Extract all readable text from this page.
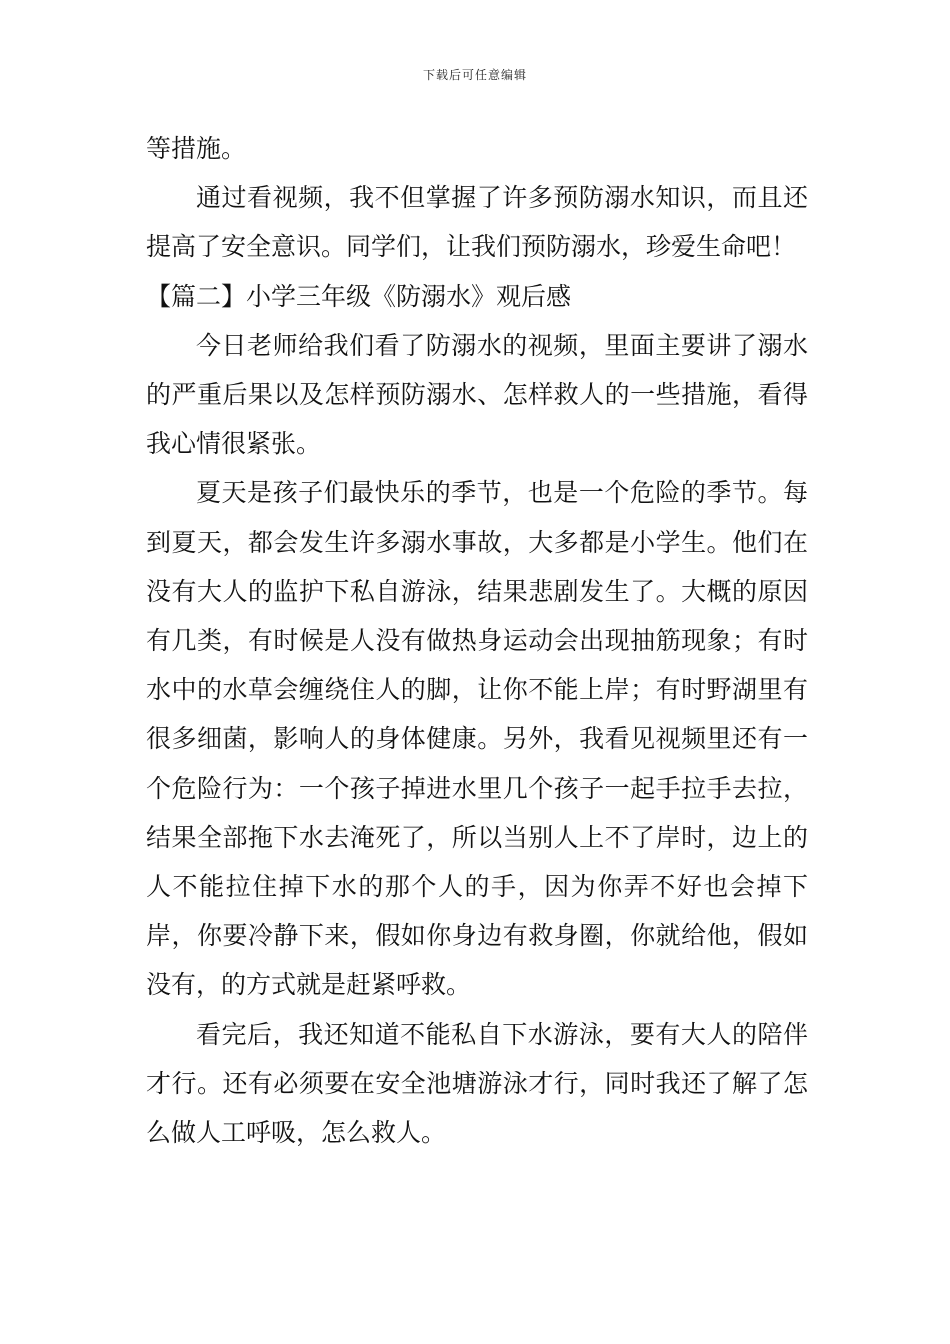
下载后可任意编辑

等措施。

通过看视频，我不但掌握了许多预防溺水知识，而且还提高了安全意识。同学们，让我们预防溺水，珍爱生命吧！

【篇二】小学三年级《防溺水》观后感

今日老师给我们看了防溺水的视频，里面主要讲了溺水的严重后果以及怎样预防溺水、怎样救人的一些措施，看得我心情很紧张。

夏天是孩子们最快乐的季节，也是一个危险的季节。每到夏天，都会发生许多溺水事故，大多都是小学生。他们在没有大人的监护下私自游泳，结果悲剧发生了。大概的原因有几类，有时候是人没有做热身运动会出现抽筋现象；有时水中的水草会缠绕住人的脚，让你不能上岸；有时野湖里有很多细菌，影响人的身体健康。另外，我看见视频里还有一个危险行为：一个孩子掉进水里几个孩子一起手拉手去拉，结果全部拖下水去淹死了，所以当别人上不了岸时，边上的人不能拉住掉下水的那个人的手，因为你弄不好也会掉下岸，你要冷静下来，假如你身边有救身圈，你就给他，假如没有，的方式就是赶紧呼救。

看完后，我还知道不能私自下水游泳，要有大人的陪伴才行。还有必须要在安全池塘游泳才行，同时我还了解了怎么做人工呼吸，怎么救人。
